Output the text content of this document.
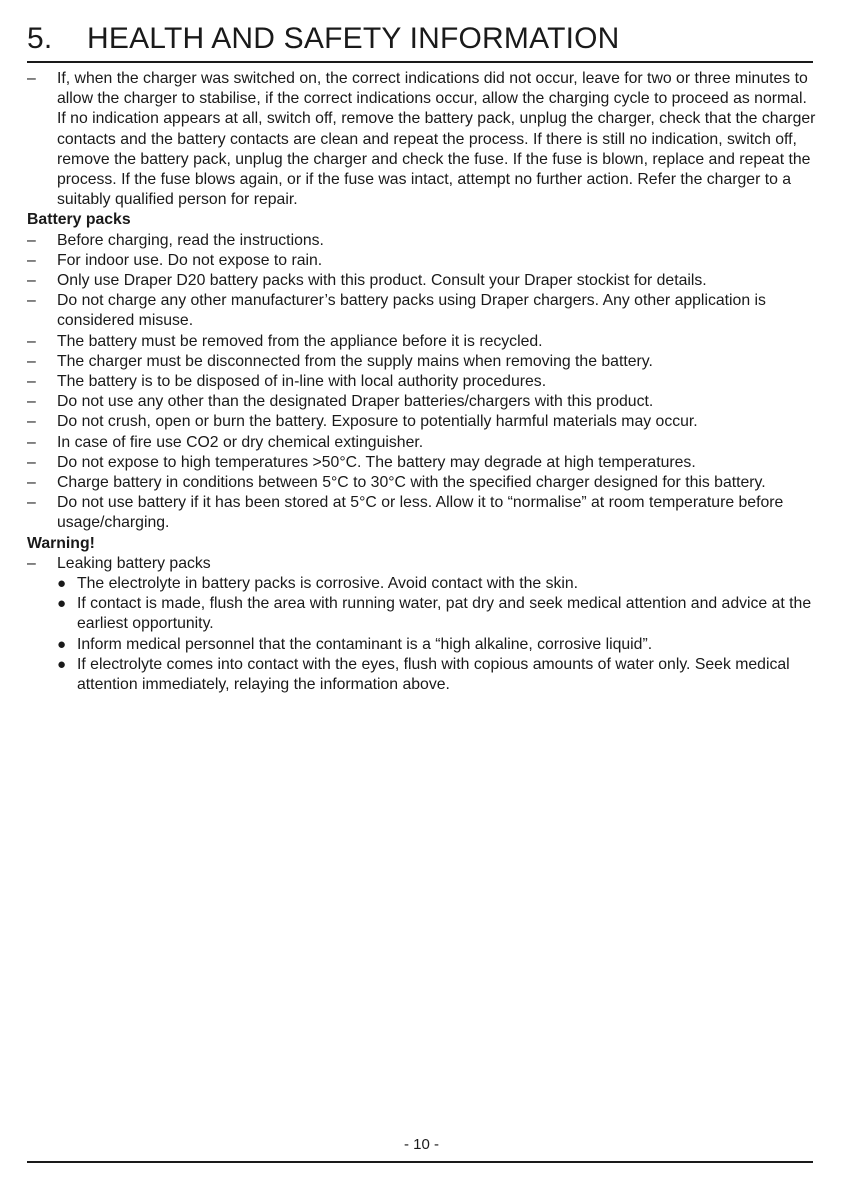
5. HEALTH AND SAFETY INFORMATION
– If, when the charger was switched on, the correct indications did not occur, leave for two or three minutes to allow the charger to stabilise, if the correct indications occur, allow the charging cycle to proceed as normal. If no indication appears at all, switch off, remove the battery pack, unplug the charger, check that the charger contacts and the battery contacts are clean and repeat the process. If there is still no indication, switch off, remove the battery pack, unplug the charger and check the fuse. If the fuse is blown, replace and repeat the process. If the fuse blows again, or if the fuse was intact, attempt no further action. Refer the charger to a suitably qualified person for repair.
Battery packs
– Before charging, read the instructions.
– For indoor use. Do not expose to rain.
– Only use Draper D20 battery packs with this product. Consult your Draper stockist for details.
– Do not charge any other manufacturer’s battery packs using Draper chargers. Any other application is considered misuse.
– The battery must be removed from the appliance before it is recycled.
– The charger must be disconnected from the supply mains when removing the battery.
– The battery is to be disposed of in-line with local authority procedures.
– Do not use any other than the designated Draper batteries/chargers with this product.
– Do not crush, open or burn the battery. Exposure to potentially harmful materials may occur.
– In case of fire use CO2 or dry chemical extinguisher.
– Do not expose to high temperatures >50°C. The battery may degrade at high temperatures.
– Charge battery in conditions between 5°C to 30°C with the specified charger designed for this battery.
– Do not use battery if it has been stored at 5°C or less. Allow it to “normalise” at room temperature before usage/charging.
Warning!
– Leaking battery packs
● The electrolyte in battery packs is corrosive. Avoid contact with the skin.
● If contact is made, flush the area with running water, pat dry and seek medical attention and advice at the earliest opportunity.
● Inform medical personnel that the contaminant is a “high alkaline, corrosive liquid”.
● If electrolyte comes into contact with the eyes, flush with copious amounts of water only. Seek medical attention immediately, relaying the information above.
- 10 -
